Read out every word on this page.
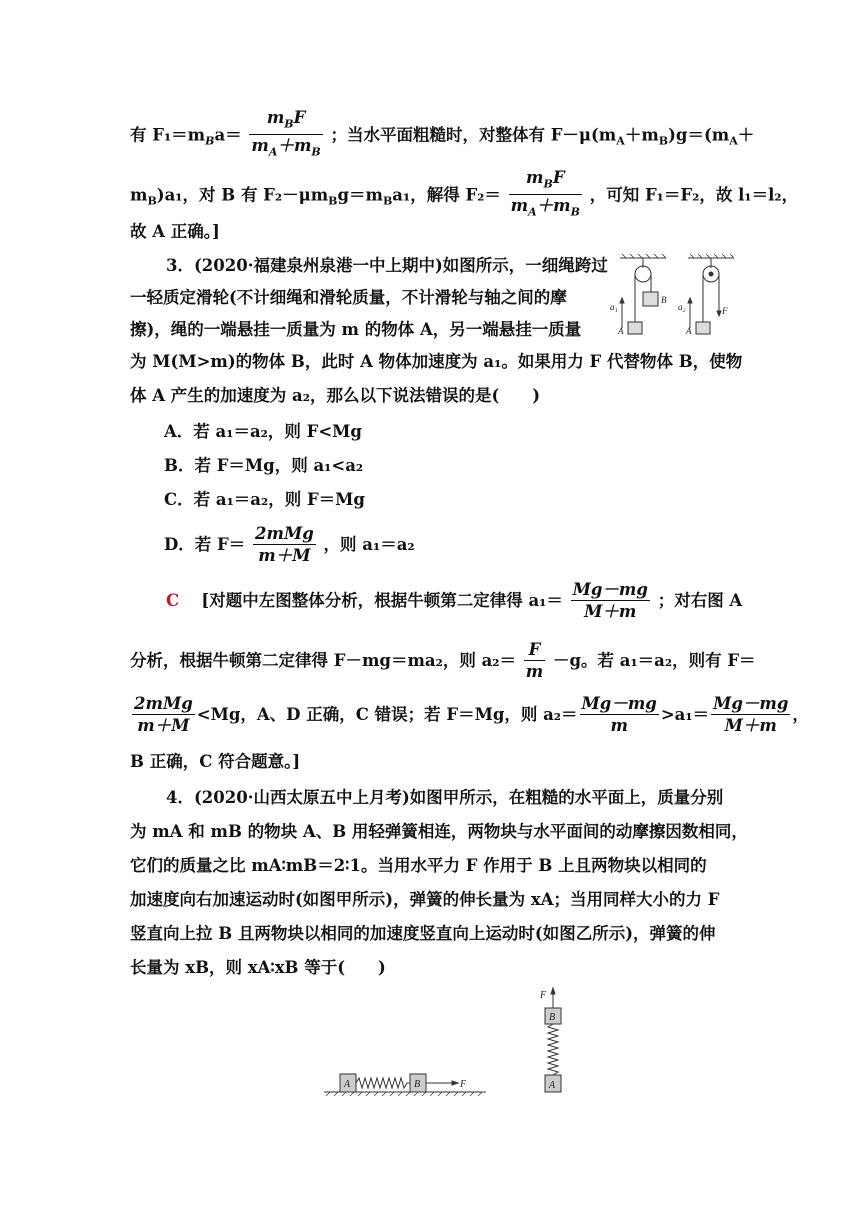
有 $F_1=m_Ba= \frac{m_BF}{m_A+m_B}$ ；当水平面粗糙时，对整体有 $F-\mu(m_A+m_B)g=(m_A+$
$m_B)a_1$，对 B 有 $F_2-\mu m_Bg=m_Ba_1$，解得 $F_2= \frac{m_BF}{m_A+m_B}$ ，可知 F₁＝F₂，故 l₁＝l₂，
故 A 正确。]
3．(2020·福建泉州泉港一中上期中)如图所示，一细绳跨过
一轻质定滑轮(不计细绳和滑轮质量，不计滑轮与轴之间的摩
擦)，绳的一端悬挂一质量为 m 的物体 A，另一端悬挂一质量
为 M(M>m)的物体 B，此时 A 物体加速度为 a₁。如果用力 F 代替物体 B，使物
体 A 产生的加速度为 a₂，那么以下说法错误的是(　　)
a₁
A
B
a₂
A
F
A．若 a₁＝a₂，则 F<Mg
B．若 F＝Mg，则 a₁<a₂
C．若 a₁＝a₂，则 F＝Mg
D．若 $F= \frac{\text{2mMg}}{m+M}$ ，则 a₁＝a₂
C　 [对题中左图整体分析，根据牛顿第二定律得 $a_1= \frac{Mg-mg}{M+m}$ ；对右图 A
分析，根据牛顿第二定律得 F－mg＝ma₂，则 $a_2= \frac{F}{m} -g$。若 a₁＝a₂，则有 F＝
$\frac{\text{2mMg}}{m+M} <Mg$，A、D 正确，C 错误；若 F＝Mg，则 $a_2= \frac{Mg-mg}{m} >a_1= \frac{Mg-mg}{M+m}$ ，
B 正确，C 符合题意。]
4．(2020·山西太原五中上月考)如图甲所示，在粗糙的水平面上，质量分别
为 mA 和 mB 的物块 A、B 用轻弹簧相连，两物块与水平面间的动摩擦因数相同，
它们的质量之比 mA∶mB＝2∶1。当用水平力 F 作用于 B 上且两物块以相同的
加速度向右加速运动时(如图甲所示)，弹簧的伸长量为 xA；当用同样大小的力 F
竖直向上拉 B 且两物块以相同的加速度竖直向上运动时(如图乙所示)，弹簧的伸
长量为 xB，则 xA∶xB 等于(　　)
A	B	F
F
B
A
